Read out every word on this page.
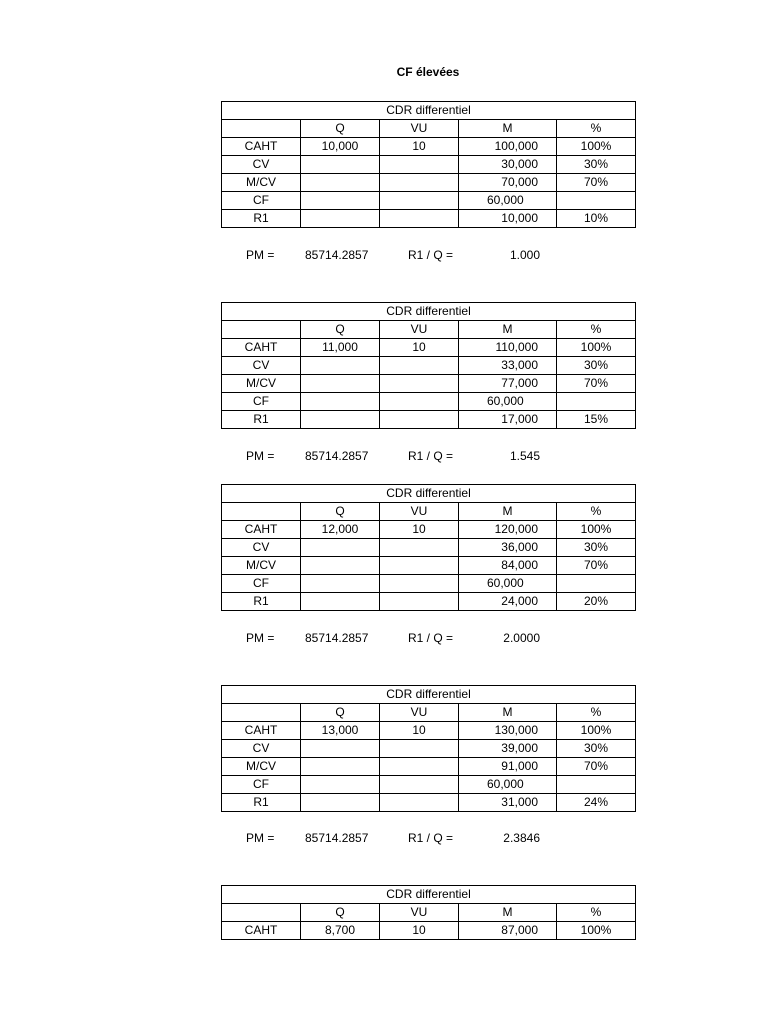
CF élevées
CDR differentiel				
	Q	VU	M	%
CAHT	10,000	10	100,000	100%
CV			30,000	30%
M/CV			70,000	70%
CF			60,000	
R1			10,000	10%
PM =	85714.2857	R1 / Q =	1.000
CDR differentiel				
	Q	VU	M	%
CAHT	11,000	10	110,000	100%
CV			33,000	30%
M/CV			77,000	70%
CF			60,000	
R1			17,000	15%
PM =	85714.2857	R1 / Q =	1.545
CDR differentiel				
	Q	VU	M	%
CAHT	12,000	10	120,000	100%
CV			36,000	30%
M/CV			84,000	70%
CF			60,000	
R1			24,000	20%
PM =	85714.2857	R1 / Q =	2.0000
CDR differentiel				
	Q	VU	M	%
CAHT	13,000	10	130,000	100%
CV			39,000	30%
M/CV			91,000	70%
CF			60,000	
R1			31,000	24%
PM =	85714.2857	R1 / Q =	2.3846
CDR differentiel				
	Q	VU	M	%
CAHT	8,700	10	87,000	100%
